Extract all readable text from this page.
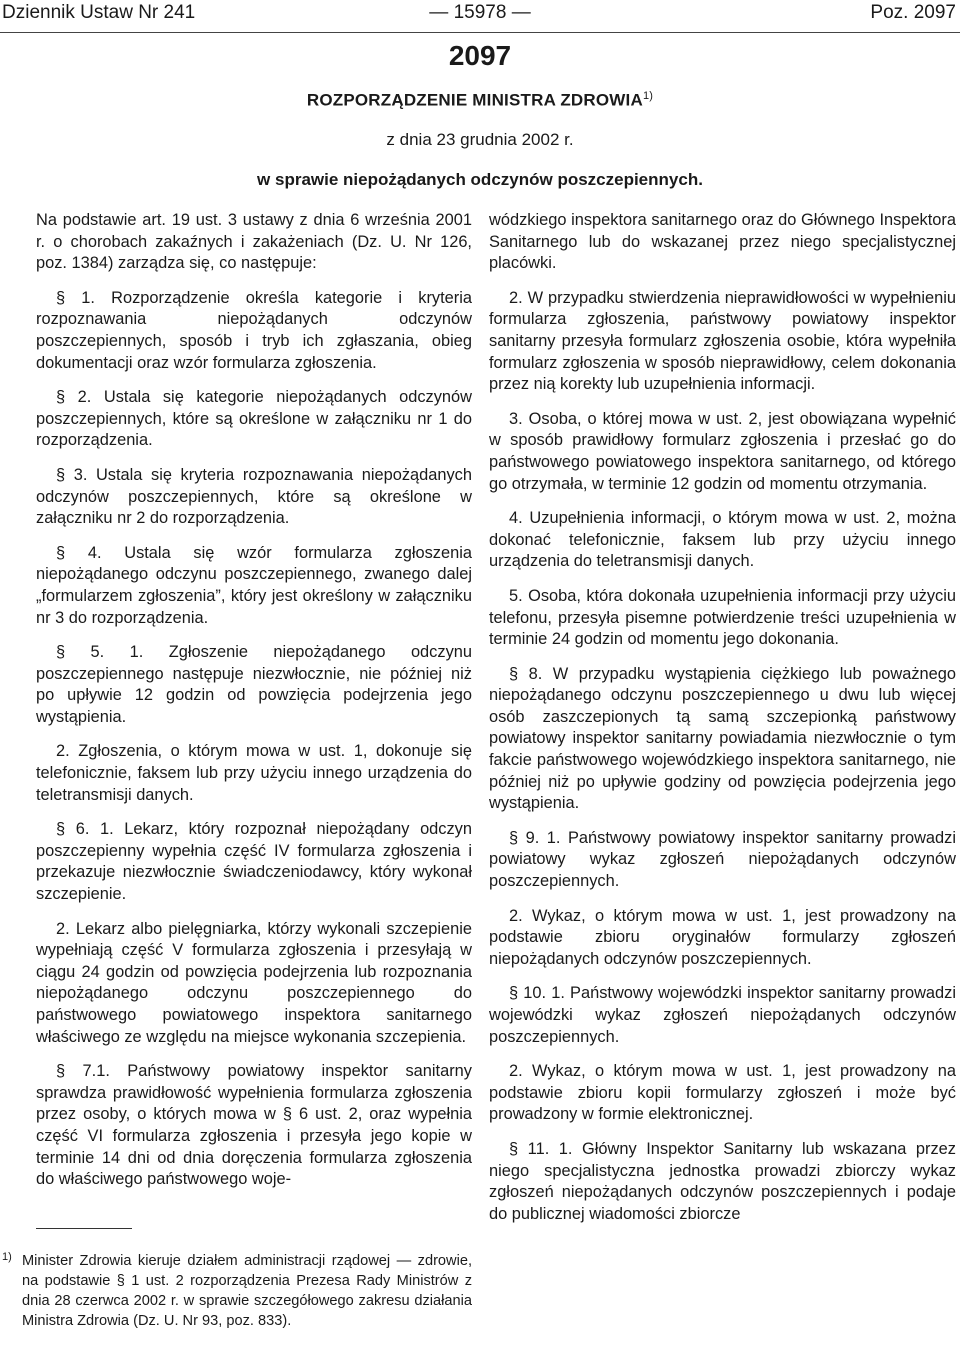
Dziennik Ustaw Nr 241	— 15978 —	Poz. 2097
2097
ROZPORZĄDZENIE MINISTRA ZDROWIA$^{1)}$
z dnia 23 grudnia 2002 r.
w sprawie niepożądanych odczynów poszczepiennych.

Na podstawie art. 19 ust. 3 ustawy z dnia 6 września 2001 r. o chorobach zakaźnych i zakażeniach (Dz. U. Nr 126, poz. 1384) zarządza się, co następuje:

§ 1. Rozporządzenie określa kategorie i kryteria rozpoznawania niepożądanych odczynów poszczepiennych, sposób i tryb ich zgłaszania, obieg dokumentacji oraz wzór formularza zgłoszenia.

§ 2. Ustala się kategorie niepożądanych odczynów poszczepiennych, które są określone w załączniku nr 1 do rozporządzenia.

§ 3. Ustala się kryteria rozpoznawania niepożądanych odczynów poszczepiennych, które są określone w załączniku nr 2 do rozporządzenia.

§ 4. Ustala się wzór formularza zgłoszenia niepożądanego odczynu poszczepiennego, zwanego dalej „formularzem zgłoszenia”, który jest określony w załączniku nr 3 do rozporządzenia.

§ 5. 1. Zgłoszenie niepożądanego odczynu poszczepiennego następuje niezwłocznie, nie później niż po upływie 12 godzin od powzięcia podejrzenia jego wystąpienia.

2. Zgłoszenia, o którym mowa w ust. 1, dokonuje się telefonicznie, faksem lub przy użyciu innego urządzenia do teletransmisji danych.

§ 6. 1. Lekarz, który rozpoznał niepożądany odczyn poszczepienny wypełnia część IV formularza zgłoszenia i przekazuje niezwłocznie świadczeniodawcy, który wykonał szczepienie.

2. Lekarz albo pielęgniarka, którzy wykonali szczepienie wypełniają część V formularza zgłoszenia i przesyłają w ciągu 24 godzin od powzięcia podejrzenia lub rozpoznania niepożądanego odczynu poszczepiennego do państwowego powiatowego inspektora sanitarnego właściwego ze względu na miejsce wykonania szczepienia.

§ 7.1. Państwowy powiatowy inspektor sanitarny sprawdza prawidłowość wypełnienia formularza zgłoszenia przez osoby, o których mowa w § 6 ust. 2, oraz wypełnia część VI formularza zgłoszenia i przesyła jego kopie w terminie 14 dni od dnia doręczenia formularza zgłoszenia do właściwego państwowego woje-

wódzkiego inspektora sanitarnego oraz do Głównego Inspektora Sanitarnego lub do wskazanej przez niego specjalistycznej placówki.

2. W przypadku stwierdzenia nieprawidłowości w wypełnieniu formularza zgłoszenia, państwowy powiatowy inspektor sanitarny przesyła formularz zgłoszenia osobie, która wypełniła formularz zgłoszenia w sposób nieprawidłowy, celem dokonania przez nią korekty lub uzupełnienia informacji.

3. Osoba, o której mowa w ust. 2, jest obowiązana wypełnić w sposób prawidłowy formularz zgłoszenia i przesłać go do państwowego powiatowego inspektora sanitarnego, od którego go otrzymała, w terminie 12 godzin od momentu otrzymania.

4. Uzupełnienia informacji, o którym mowa w ust. 2, można dokonać telefonicznie, faksem lub przy użyciu innego urządzenia do teletransmisji danych.

5. Osoba, która dokonała uzupełnienia informacji przy użyciu telefonu, przesyła pisemne potwierdzenie treści uzupełnienia w terminie 24 godzin od momentu jego dokonania.

§ 8. W przypadku wystąpienia ciężkiego lub poważnego niepożądanego odczynu poszczepiennego u dwu lub więcej osób zaszczepionych tą samą szczepionką państwowy powiatowy inspektor sanitarny powiadamia niezwłocznie o tym fakcie państwowego wojewódzkiego inspektora sanitarnego, nie później niż po upływie godziny od powzięcia podejrzenia jego wystąpienia.

§ 9. 1. Państwowy powiatowy inspektor sanitarny prowadzi powiatowy wykaz zgłoszeń niepożądanych odczynów poszczepiennych.

2. Wykaz, o którym mowa w ust. 1, jest prowadzony na podstawie zbioru oryginałów formularzy zgłoszeń niepożądanych odczynów poszczepiennych.

§ 10. 1. Państwowy wojewódzki inspektor sanitarny prowadzi wojewódzki wykaz zgłoszeń niepożądanych odczynów poszczepiennych.

2. Wykaz, o którym mowa w ust. 1, jest prowadzony na podstawie zbioru kopii formularzy zgłoszeń i może być prowadzony w formie elektronicznej.

§ 11. 1. Główny Inspektor Sanitarny lub wskazana przez niego specjalistyczna jednostka prowadzi zbiorczy wykaz zgłoszeń niepożądanych odczynów poszczepiennych i podaje do publicznej wiadomości zbiorcze

1) Minister Zdrowia kieruje działem administracji rządowej — zdrowie, na podstawie § 1 ust. 2 rozporządzenia Prezesa Rady Ministrów z dnia 28 czerwca 2002 r. w sprawie szczegółowego zakresu działania Ministra Zdrowia (Dz. U. Nr 93, poz. 833).
